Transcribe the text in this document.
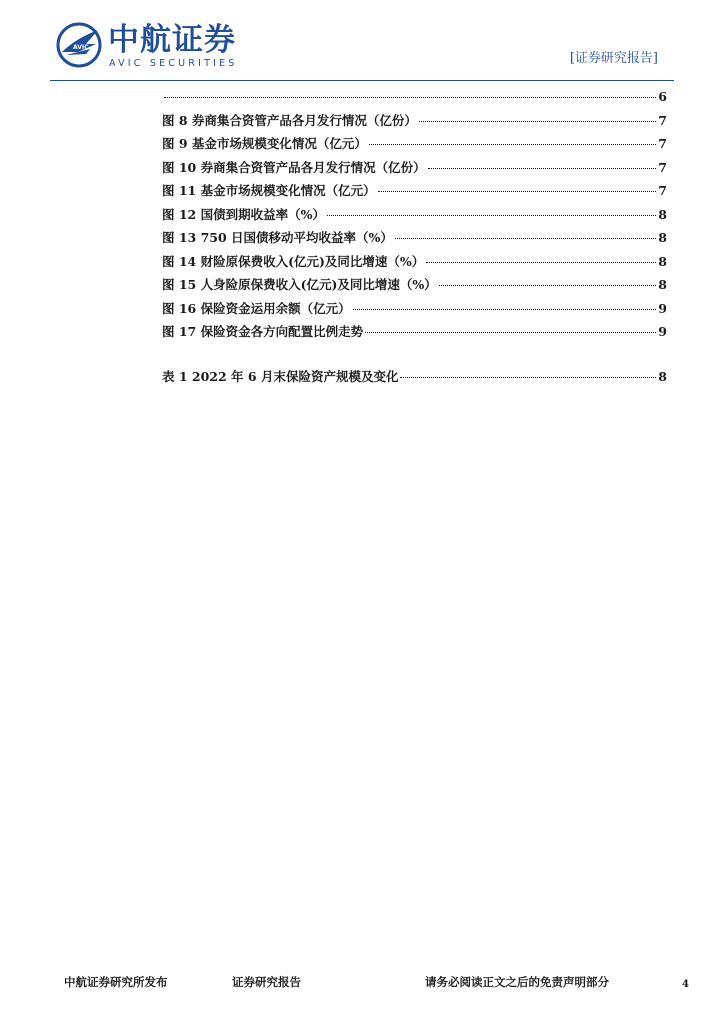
AVIC 中航证券
AVIC SECURITIES	[证券研究报告]
6
图 8 券商集合资管产品各月发行情况（亿份）	7
图 9 基金市场规模变化情况（亿元）	7
图 10 券商集合资管产品各月发行情况（亿份）	7
图 11 基金市场规模变化情况（亿元）	7
图 12 国债到期收益率（%）	8
图 13 750 日国债移动平均收益率（%）	8
图 14 财险原保费收入(亿元)及同比增速（%）	8
图 15 人身险原保费收入(亿元)及同比增速（%）	8
图 16 保险资金运用余额（亿元）	9
图 17 保险资金各方向配置比例走势	9
表 1 2022 年 6 月末保险资产规模及变化	8
中航证券研究所发布	证券研究报告	请务必阅读正文之后的免责声明部分	4
